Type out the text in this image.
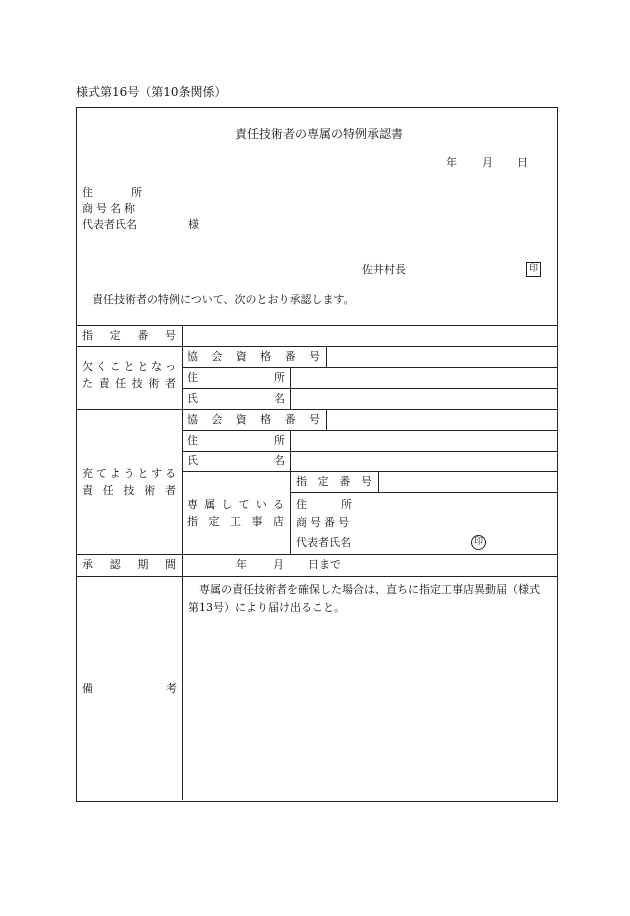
様式第16号（第10条関係）
責任技術者の専属の特例承認書
年 月 日
住	所
商号名称
代表者氏名	様
佐井村長	印
責任技術者の特例について、次のとおり承認します。
指 定 番 号
欠 く こ と と な っ
た 責 任 技 術 者
協 会 資 格 番 号
住	所
氏	名
充 て よ う と す る
責 任 技 術 者
協 会 資 格 番 号
住	所
氏	名
専 属 し て い る
指 定 工 事 店
指 定 番 号
住	所
商号番号
代表者氏名	印
承 認 期 間	年 月 日まで
備	考
専属の責任技術者を確保した場合は、直ちに指定工事店異動届（様式第13号）により届け出ること。
